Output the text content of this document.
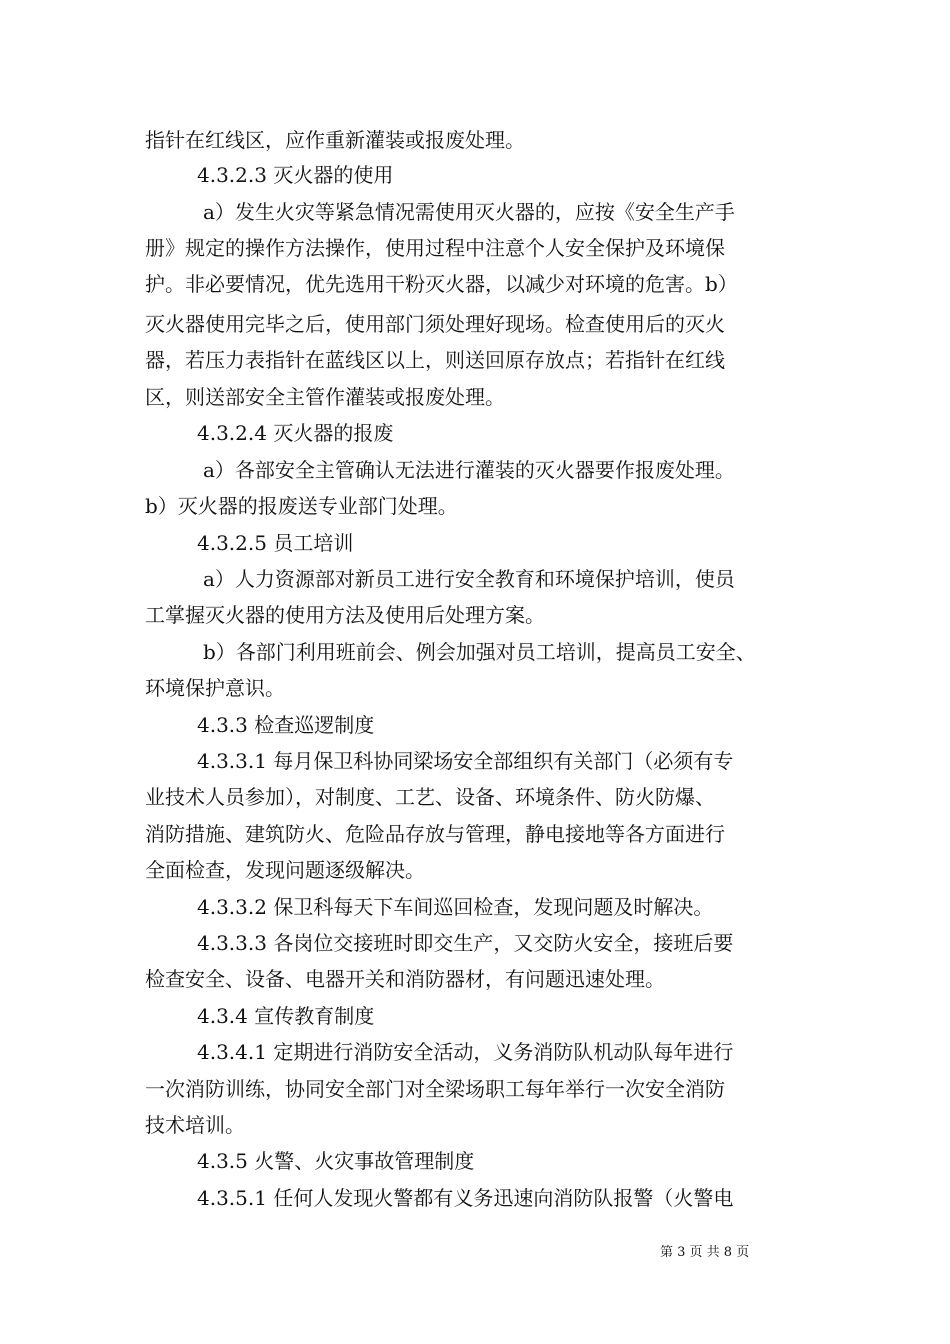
指针在红线区，应作重新灌装或报废处理。

4.3.2.3 灭火器的使用

a）发生火灾等紧急情况需使用灭火器的，应按《安全生产手

册》规定的操作方法操作，使用过程中注意个人安全保护及环境保

护。非必要情况，优先选用干粉灭火器，以减少对环境的危害。b）

灭火器使用完毕之后，使用部门须处理好现场。检查使用后的灭火

器，若压力表指针在蓝线区以上，则送回原存放点；若指针在红线

区，则送部安全主管作灌装或报废处理。

4.3.2.4 灭火器的报废

a）各部安全主管确认无法进行灌装的灭火器要作报废处理。

b）灭火器的报废送专业部门处理。

4.3.2.5 员工培训

a）人力资源部对新员工进行安全教育和环境保护培训，使员

工掌握灭火器的使用方法及使用后处理方案。

b）各部门利用班前会、例会加强对员工培训，提高员工安全、

环境保护意识。

4.3.3 检查巡逻制度

4.3.3.1 每月保卫科协同梁场安全部组织有关部门（必须有专

业技术人员参加），对制度、工艺、设备、环境条件、防火防爆、

消防措施、建筑防火、危险品存放与管理，静电接地等各方面进行

全面检查，发现问题逐级解决。

4.3.3.2 保卫科每天下车间巡回检查，发现问题及时解决。

4.3.3.3 各岗位交接班时即交生产，又交防火安全，接班后要

检查安全、设备、电器开关和消防器材，有问题迅速处理。

4.3.4 宣传教育制度

4.3.4.1 定期进行消防安全活动，义务消防队机动队每年进行

一次消防训练，协同安全部门对全梁场职工每年举行一次安全消防

技术培训。

4.3.5 火警、火灾事故管理制度

4.3.5.1 任何人发现火警都有义务迅速向消防队报警（火警电

第 3 页 共 8 页
